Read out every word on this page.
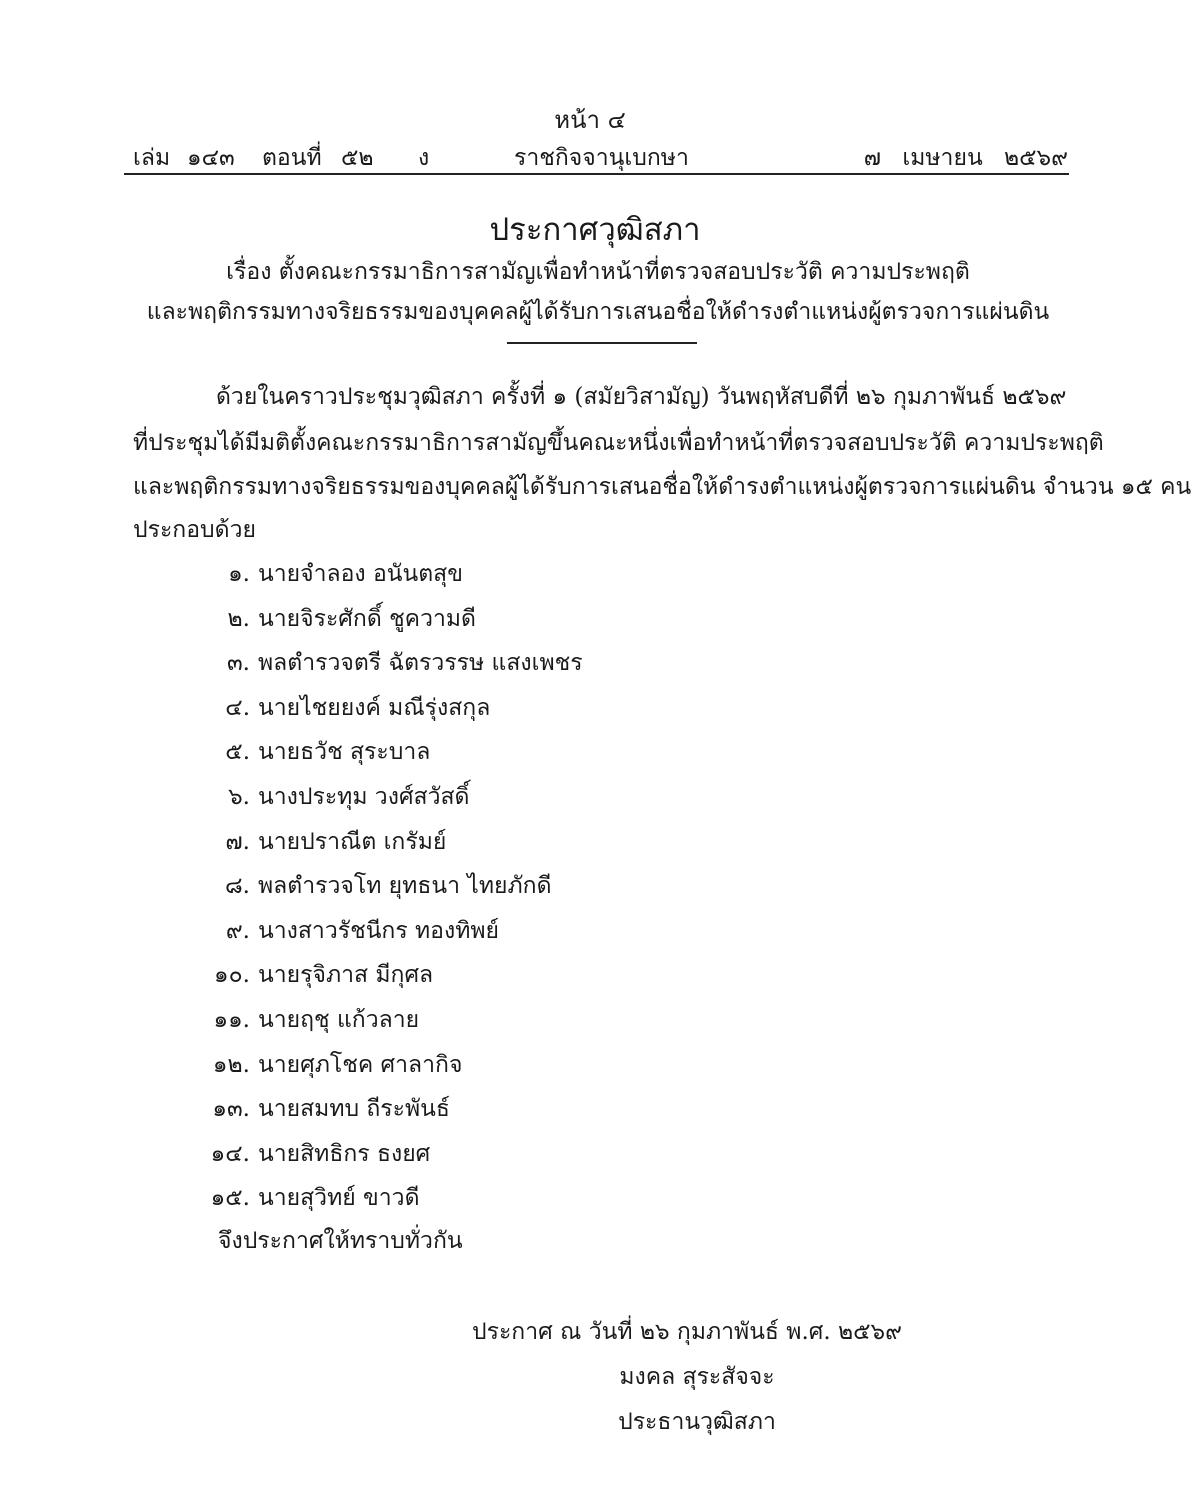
หน้า ๔
เล่ม ๑๔๓ ตอนที่ ๕๒ ง	ราชกิจจานุเบกษา	๗ เมษายน ๒๕๖๙
ประกาศวุฒิสภา
เรื่อง ตั้งคณะกรรมาธิการสามัญเพื่อทำหน้าที่ตรวจสอบประวัติ ความประพฤติ
และพฤติกรรมทางจริยธรรมของบุคคลผู้ได้รับการเสนอชื่อให้ดำรงตำแหน่งผู้ตรวจการแผ่นดิน
ด้วยในคราวประชุมวุฒิสภา ครั้งที่ ๑ (สมัยวิสามัญ) วันพฤหัสบดีที่ ๒๖ กุมภาพันธ์ ๒๕๖๙
ที่ประชุมได้มีมติตั้งคณะกรรมาธิการสามัญขึ้นคณะหนึ่งเพื่อทำหน้าที่ตรวจสอบประวัติ ความประพฤติ
และพฤติกรรมทางจริยธรรมของบุคคลผู้ได้รับการเสนอชื่อให้ดำรงตำแหน่งผู้ตรวจการแผ่นดิน จำนวน ๑๕ คน
ประกอบด้วย
๑. นายจำลอง อนันตสุข
๒. นายจิระศักดิ์ ชูความดี
๓. พลตำรวจตรี ฉัตรวรรษ แสงเพชร
๔. นายไชยยงค์ มณีรุ่งสกุล
๕. นายธวัช สุระบาล
๖. นางประทุม วงศ์สวัสดิ์
๗. นายปราณีต เกรัมย์
๘. พลตำรวจโท ยุทธนา ไทยภักดี
๙. นางสาวรัชนีกร ทองทิพย์
๑๐. นายรุจิภาส มีกุศล
๑๑. นายฤชุ แก้วลาย
๑๒. นายศุภโชค ศาลากิจ
๑๓. นายสมทบ ถีระพันธ์
๑๔. นายสิทธิกร ธงยศ
๑๕. นายสุวิทย์ ขาวดี
จึงประกาศให้ทราบทั่วกัน
ประกาศ ณ วันที่ ๒๖ กุมภาพันธ์ พ.ศ. ๒๕๖๙
มงคล สุระสัจจะ
ประธานวุฒิสภา
